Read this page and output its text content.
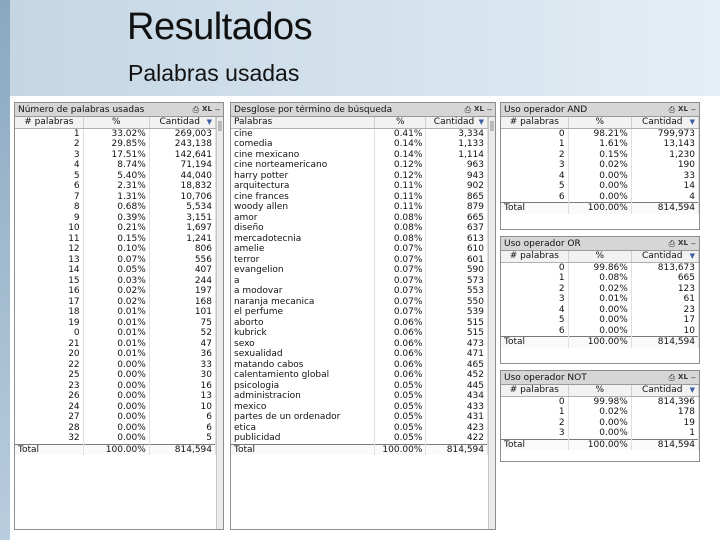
Resultados
Palabras usadas
Número de palabras usadas	⎙ XL ‒
# palabras	%	Cantidad ▼

1	33.02%	269,003
2	29.85%	243,138
3	17.51%	142,641
4	8.74%	71,194
5	5.40%	44,040
6	2.31%	18,832
7	1.31%	10,706
8	0.68%	5,534
9	0.39%	3,151
10	0.21%	1,697
11	0.15%	1,241
12	0.10%	806
13	0.07%	556
14	0.05%	407
15	0.03%	244
16	0.02%	197
17	0.02%	168
18	0.01%	101
19	0.01%	75
0	0.01%	52
21	0.01%	47
20	0.01%	36
22	0.00%	33
25	0.00%	30
23	0.00%	16
26	0.00%	13
24	0.00%	10
27	0.00%	6
28	0.00%	6
32	0.00%	5
Total	100.00%	814,594
Desglose por término de búsqueda	⎙ XL ‒
Palabras	%	Cantidad ▼

cine	0.41%	3,334
comedia	0.14%	1,133
cine mexicano	0.14%	1,114
cine norteamericano	0.12%	963
harry potter	0.12%	943
arquitectura	0.11%	902
cine frances	0.11%	865
woody allen	0.11%	879
amor	0.08%	665
diseño	0.08%	637
mercadotecnia	0.08%	613
amelie	0.07%	610
terror	0.07%	601
evangelion	0.07%	590
a	0.07%	573
a modovar	0.07%	553
naranja mecanica	0.07%	550
el perfume	0.07%	539
aborto	0.06%	515
kubrick	0.06%	515
sexo	0.06%	473
sexualidad	0.06%	471
matando cabos	0.06%	465
calentamiento global	0.06%	452
psicologia	0.05%	445
administracion	0.05%	434
mexico	0.05%	433
partes de un ordenador	0.05%	431
etica	0.05%	423
publicidad	0.05%	422
Total	100.00%	814,594
Uso operador AND	⎙ XL ‒
# palabras	%	Cantidad ▼

0	98.21%	799,973
1	1.61%	13,143
2	0.15%	1,230
3	0.02%	190
4	0.00%	33
5	0.00%	14
6	0.00%	4
Total	100.00%	814,594
Uso operador OR	⎙ XL ‒
# palabras	%	Cantidad ▼

0	99.86%	813,673
1	0.08%	665
2	0.02%	123
3	0.01%	61
4	0.00%	23
5	0.00%	17
6	0.00%	10
Total	100.00%	814,594
Uso operador NOT	⎙ XL ‒
# palabras	%	Cantidad ▼

0	99.98%	814,396
1	0.02%	178
2	0.00%	19
3	0.00%	1
Total	100.00%	814,594
